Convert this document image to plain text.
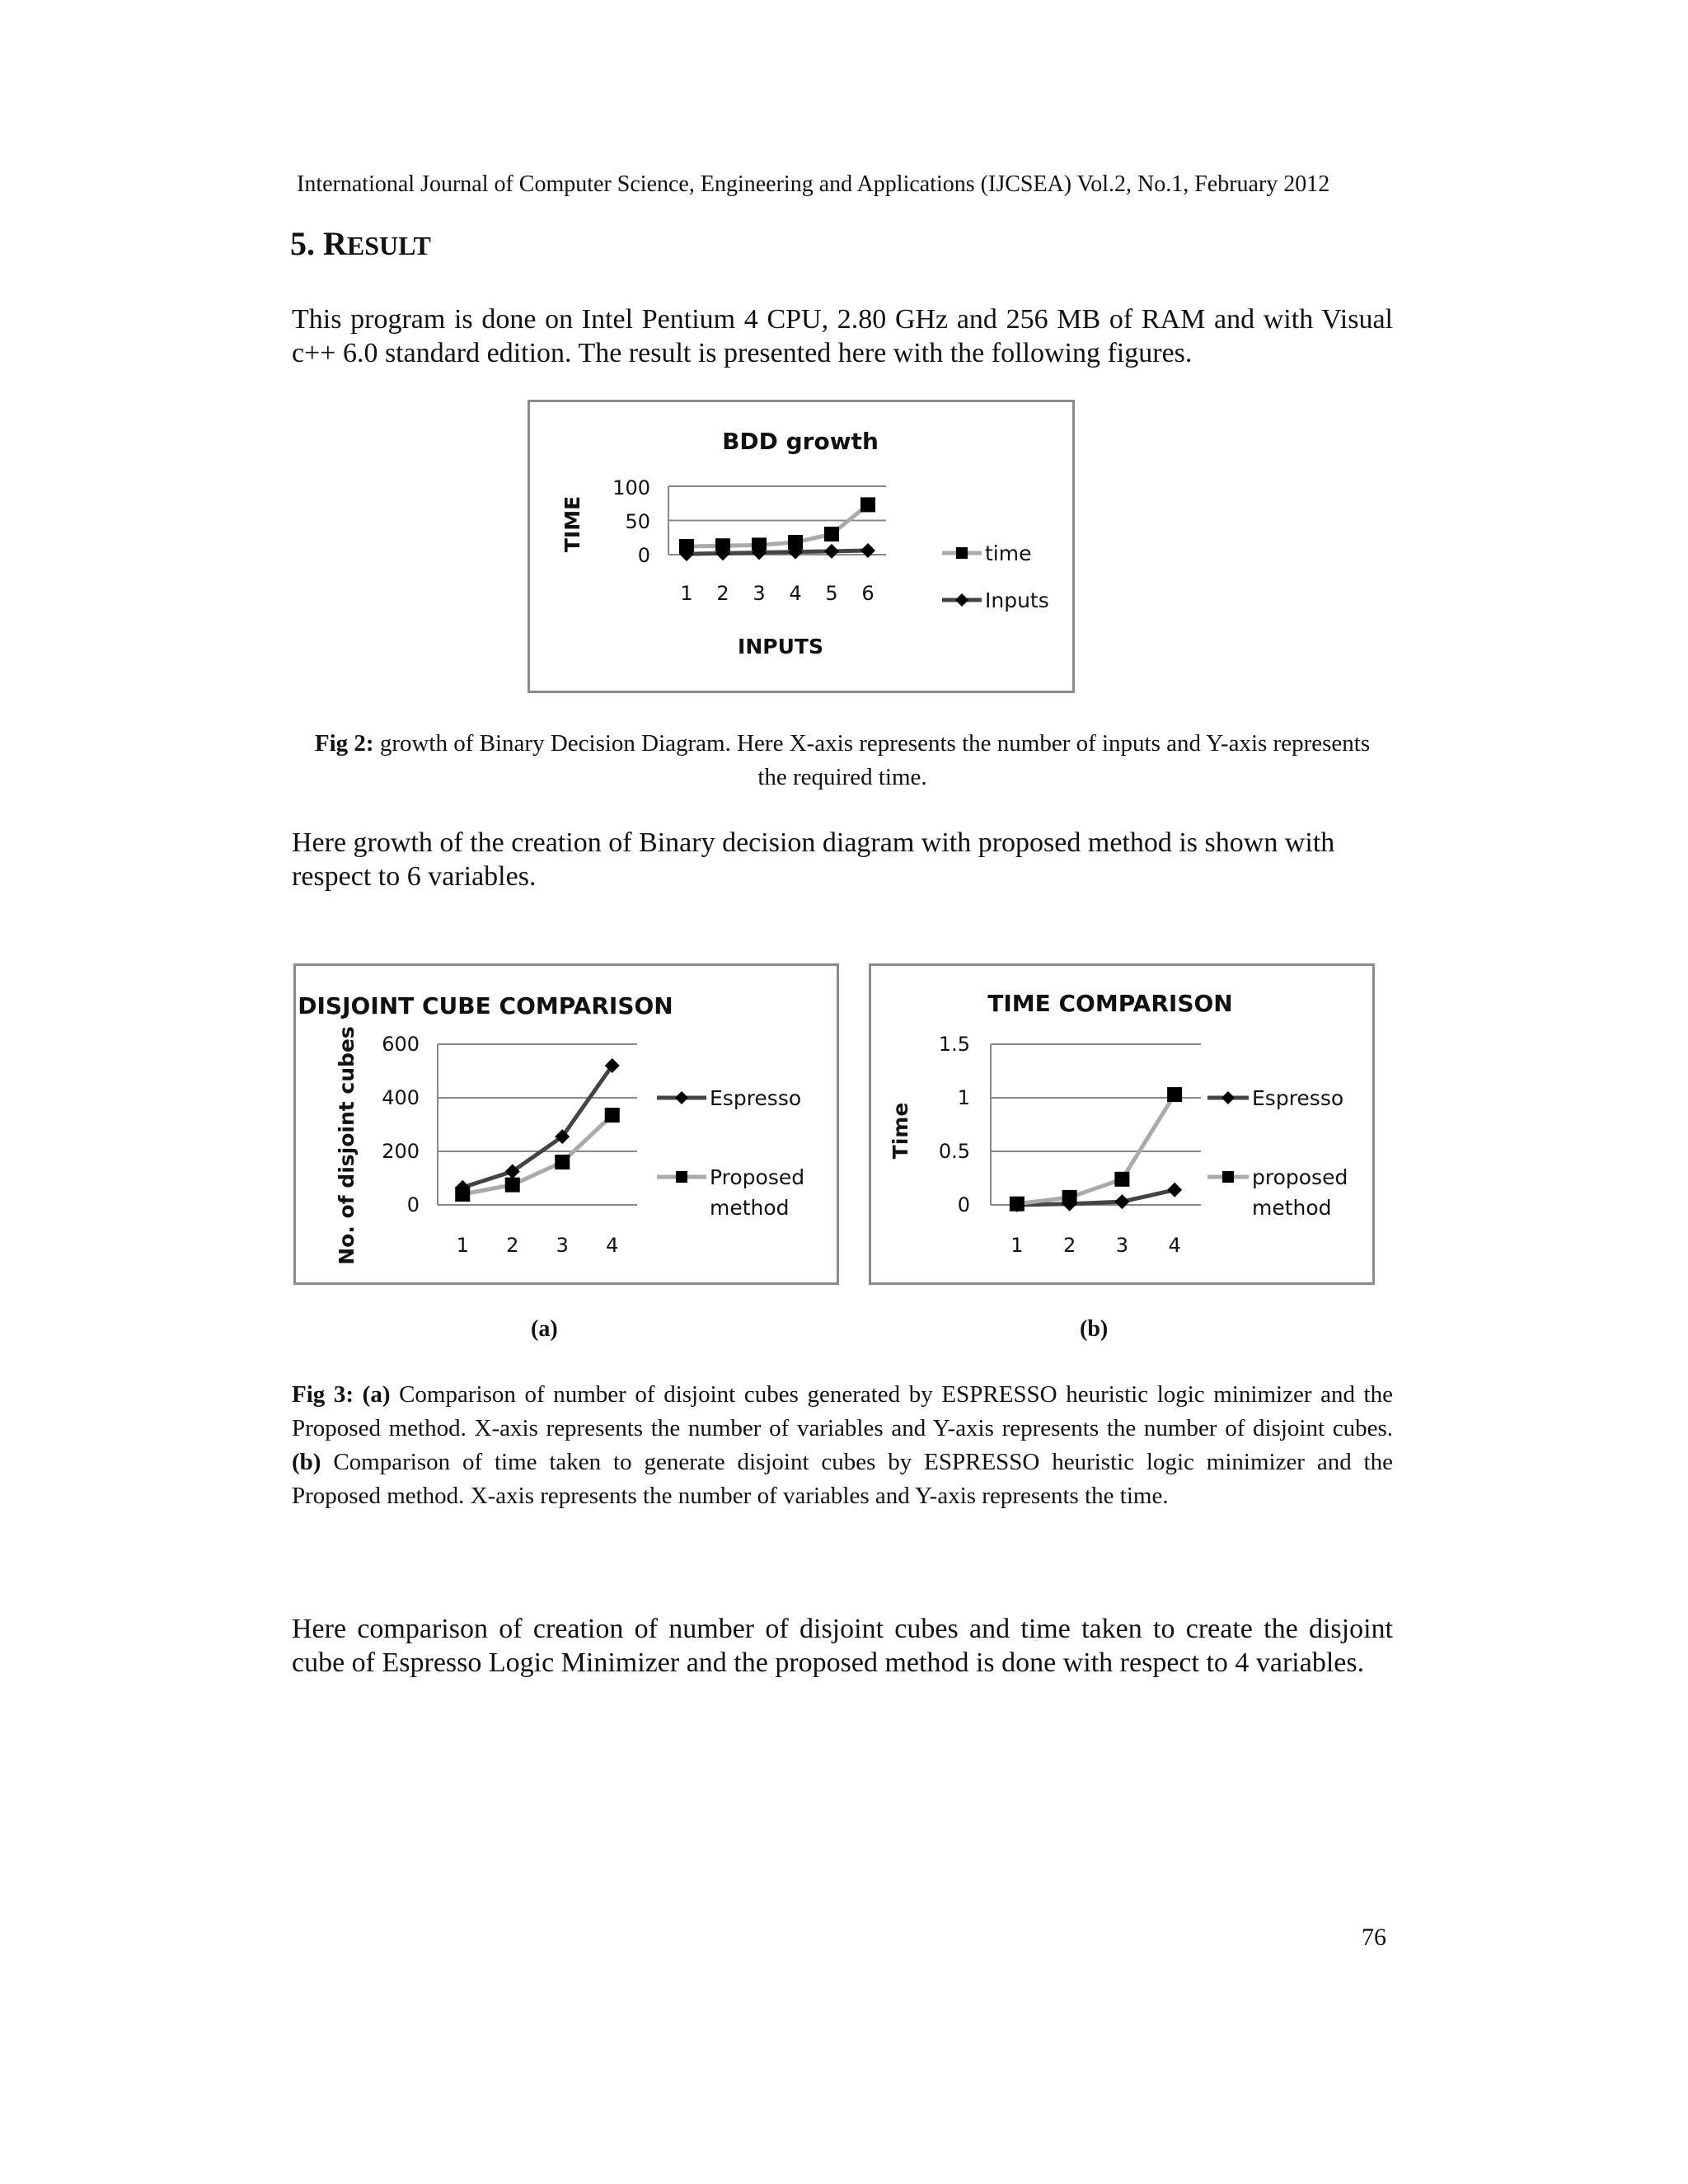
International Journal of Computer Science, Engineering and Applications (IJCSEA) Vol.2, No.1, February 2012
5. RESULT
This program is done on Intel Pentium 4 CPU, 2.80 GHz and 256 MB of RAM and with Visual c++ 6.0 standard edition. The result is presented here with the following figures.
BDD growth
TIME
INPUTS
100
50
0
1 2 3 4 5 6
time
Inputs
Fig 2: growth of Binary Decision Diagram. Here X-axis represents the number of inputs and Y-axis represents the required time.
Here growth of the creation of Binary decision diagram with proposed method is shown with respect to 6 variables.
DISJOINT CUBE COMPARISON
No. of disjoint cubes 600
400
200
0
1 2 3 4
Espresso
Proposed
method
TIME COMPARISON
Time
1.5
1
0.5
0
1 2 3 4
Espresso
proposed
method
(a)	(b)
Fig 3: (a) Comparison of number of disjoint cubes generated by ESPRESSO heuristic logic minimizer and the Proposed method. X-axis represents the number of variables and Y-axis represents the number of disjoint cubes. (b) Comparison of time taken to generate disjoint cubes by ESPRESSO heuristic logic minimizer and the Proposed method. X-axis represents the number of variables and Y-axis represents the time.
Here comparison of creation of number of disjoint cubes and time taken to create the disjoint cube of Espresso Logic Minimizer and the proposed method is done with respect to 4 variables.
76
